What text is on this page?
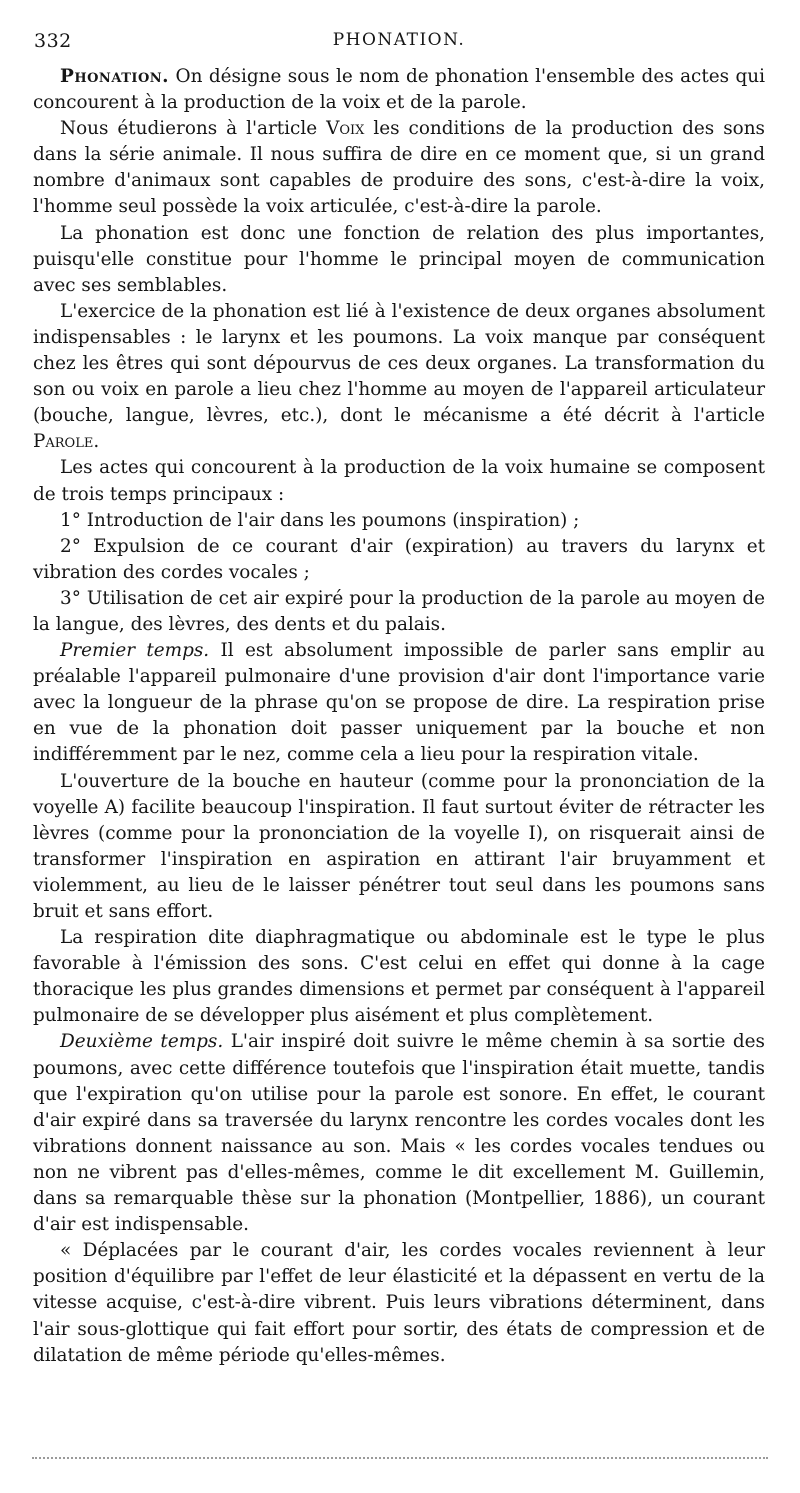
332	PHONATION.

Phonation. On désigne sous le nom de phonation l'ensemble des actes qui concourent à la production de la voix et de la parole.

Nous étudierons à l'article Voix les conditions de la production des sons dans la série animale. Il nous suffira de dire en ce moment que, si un grand nombre d'animaux sont capables de produire des sons, c'est-à-dire la voix, l'homme seul possède la voix articulée, c'est-à-dire la parole.

La phonation est donc une fonction de relation des plus importantes, puisqu'elle constitue pour l'homme le principal moyen de communication avec ses semblables.

L'exercice de la phonation est lié à l'existence de deux organes absolument indispensables : le larynx et les poumons. La voix manque par conséquent chez les êtres qui sont dépourvus de ces deux organes. La transformation du son ou voix en parole a lieu chez l'homme au moyen de l'appareil articulateur (bouche, langue, lèvres, etc.), dont le mécanisme a été décrit à l'article Parole.

Les actes qui concourent à la production de la voix humaine se composent de trois temps principaux :

1° Introduction de l'air dans les poumons (inspiration) ;

2° Expulsion de ce courant d'air (expiration) au travers du larynx et vibration des cordes vocales ;

3° Utilisation de cet air expiré pour la production de la parole au moyen de la langue, des lèvres, des dents et du palais.

Premier temps. Il est absolument impossible de parler sans emplir au préalable l'appareil pulmonaire d'une provision d'air dont l'importance varie avec la longueur de la phrase qu'on se propose de dire. La respiration prise en vue de la phonation doit passer uniquement par la bouche et non indifféremment par le nez, comme cela a lieu pour la respiration vitale.

L'ouverture de la bouche en hauteur (comme pour la prononciation de la voyelle A) facilite beaucoup l'inspiration. Il faut surtout éviter de rétracter les lèvres (comme pour la prononciation de la voyelle I), on risquerait ainsi de transformer l'inspiration en aspiration en attirant l'air bruyamment et violemment, au lieu de le laisser pénétrer tout seul dans les poumons sans bruit et sans effort.

La respiration dite diaphragmatique ou abdominale est le type le plus favorable à l'émission des sons. C'est celui en effet qui donne à la cage thoracique les plus grandes dimensions et permet par conséquent à l'appareil pulmonaire de se développer plus aisément et plus complètement.

Deuxième temps. L'air inspiré doit suivre le même chemin à sa sortie des poumons, avec cette différence toutefois que l'inspiration était muette, tandis que l'expiration qu'on utilise pour la parole est sonore. En effet, le courant d'air expiré dans sa traversée du larynx rencontre les cordes vocales dont les vibrations donnent naissance au son. Mais « les cordes vocales tendues ou non ne vibrent pas d'elles-mêmes, comme le dit excellement M. Guillemin, dans sa remarquable thèse sur la phonation (Montpellier, 1886), un courant d'air est indispensable.

« Déplacées par le courant d'air, les cordes vocales reviennent à leur position d'équilibre par l'effet de leur élasticité et la dépassent en vertu de la vitesse acquise, c'est-à-dire vibrent. Puis leurs vibrations déterminent, dans l'air sous-glottique qui fait effort pour sortir, des états de compression et de dilatation de même période qu'elles-mêmes.
